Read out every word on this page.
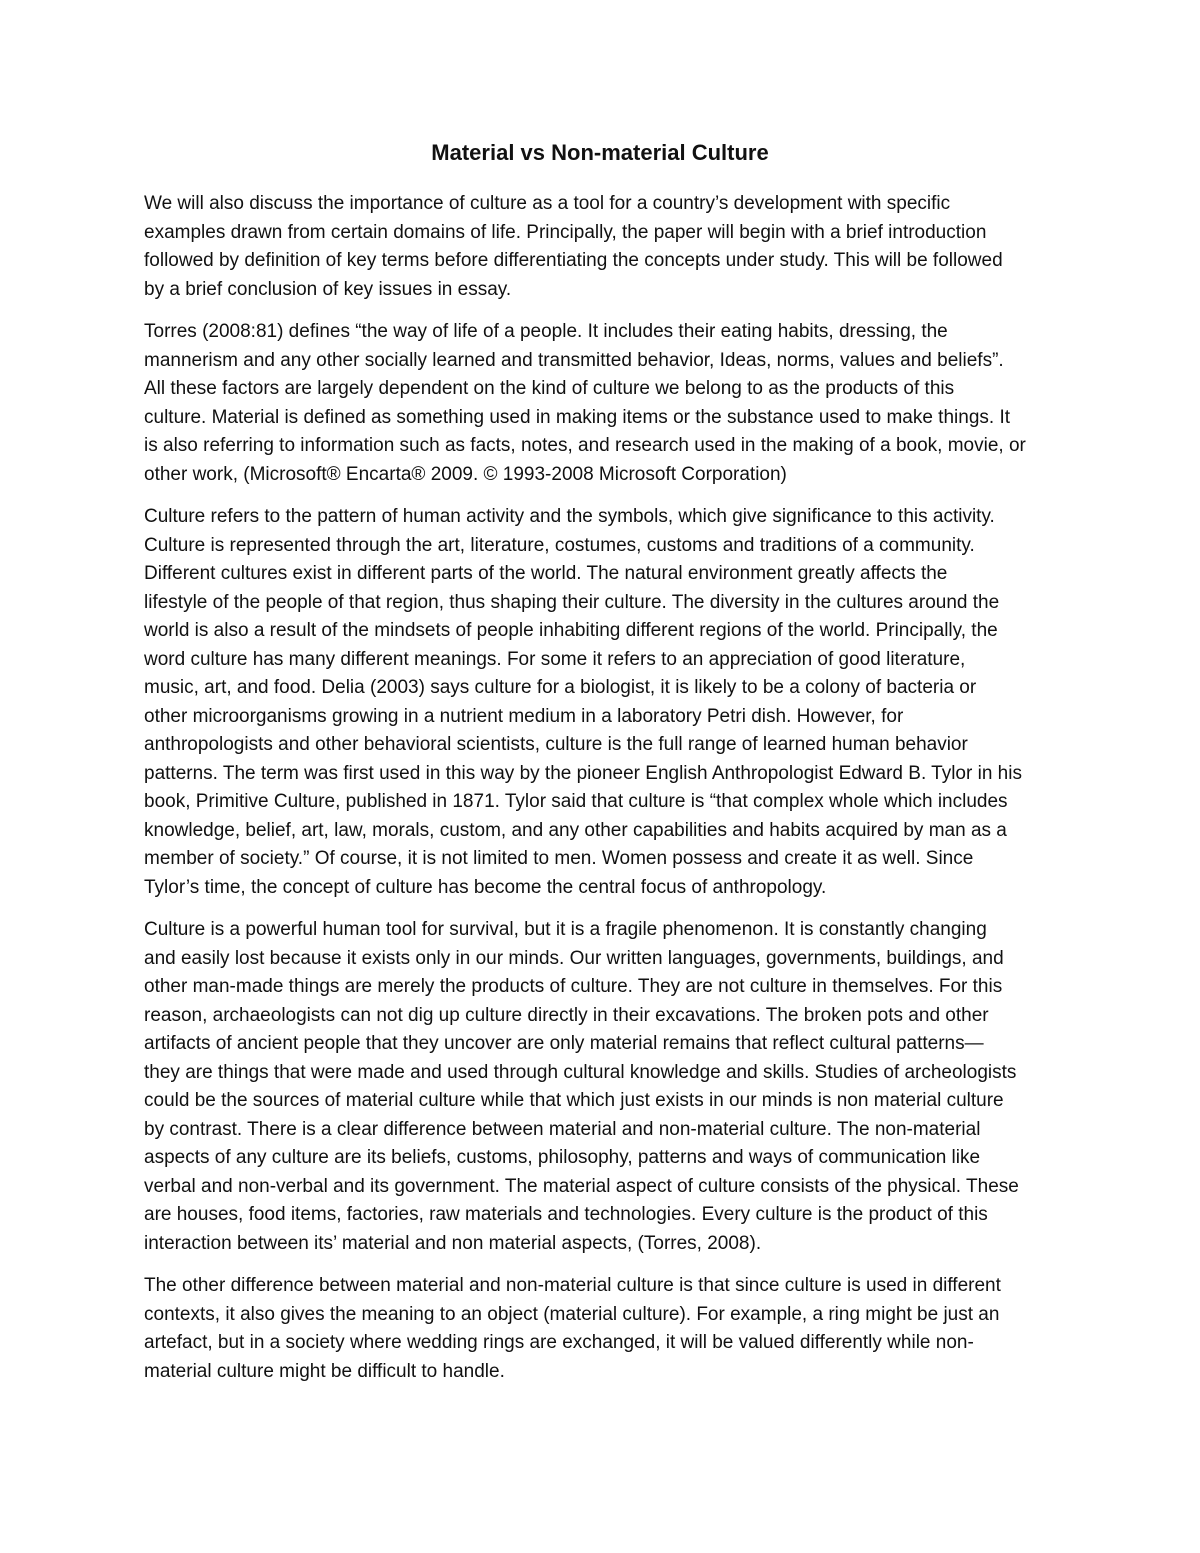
Material vs Non-material Culture
We will also discuss the importance of culture as a tool for a country’s development with specific
examples drawn from certain domains of life. Principally, the paper will begin with a brief introduction
followed by definition of key terms before differentiating the concepts under study. This will be followed
by a brief conclusion of key issues in essay.
Torres (2008:81) defines “the way of life of a people. It includes their eating habits, dressing, the
mannerism and any other socially learned and transmitted behavior, Ideas, norms, values and beliefs”.
All these factors are largely dependent on the kind of culture we belong to as the products of this
culture. Material is defined as something used in making items or the substance used to make things. It
is also referring to information such as facts, notes, and research used in the making of a book, movie, or
other work, (Microsoft® Encarta® 2009. © 1993-2008 Microsoft Corporation)
Culture refers to the pattern of human activity and the symbols, which give significance to this activity.
Culture is represented through the art, literature, costumes, customs and traditions of a community.
Different cultures exist in different parts of the world. The natural environment greatly affects the
lifestyle of the people of that region, thus shaping their culture. The diversity in the cultures around the
world is also a result of the mindsets of people inhabiting different regions of the world. Principally, the
word culture has many different meanings. For some it refers to an appreciation of good literature,
music, art, and food. Delia (2003) says culture for a biologist, it is likely to be a colony of bacteria or
other microorganisms growing in a nutrient medium in a laboratory Petri dish. However, for
anthropologists and other behavioral scientists, culture is the full range of learned human behavior
patterns. The term was first used in this way by the pioneer English Anthropologist Edward B. Tylor in his
book, Primitive Culture, published in 1871. Tylor said that culture is “that complex whole which includes
knowledge, belief, art, law, morals, custom, and any other capabilities and habits acquired by man as a
member of society.” Of course, it is not limited to men. Women possess and create it as well. Since
Tylor’s time, the concept of culture has become the central focus of anthropology.
Culture is a powerful human tool for survival, but it is a fragile phenomenon. It is constantly changing
and easily lost because it exists only in our minds. Our written languages, governments, buildings, and
other man-made things are merely the products of culture. They are not culture in themselves. For this
reason, archaeologists can not dig up culture directly in their excavations. The broken pots and other
artifacts of ancient people that they uncover are only material remains that reflect cultural patterns—
they are things that were made and used through cultural knowledge and skills. Studies of archeologists
could be the sources of material culture while that which just exists in our minds is non material culture
by contrast. There is a clear difference between material and non-material culture. The non-material
aspects of any culture are its beliefs, customs, philosophy, patterns and ways of communication like
verbal and non-verbal and its government. The material aspect of culture consists of the physical. These
are houses, food items, factories, raw materials and technologies. Every culture is the product of this
interaction between its’ material and non material aspects, (Torres, 2008).
The other difference between material and non-material culture is that since culture is used in different
contexts, it also gives the meaning to an object (material culture). For example, a ring might be just an
artefact, but in a society where wedding rings are exchanged, it will be valued differently while non-
material culture might be difficult to handle.
